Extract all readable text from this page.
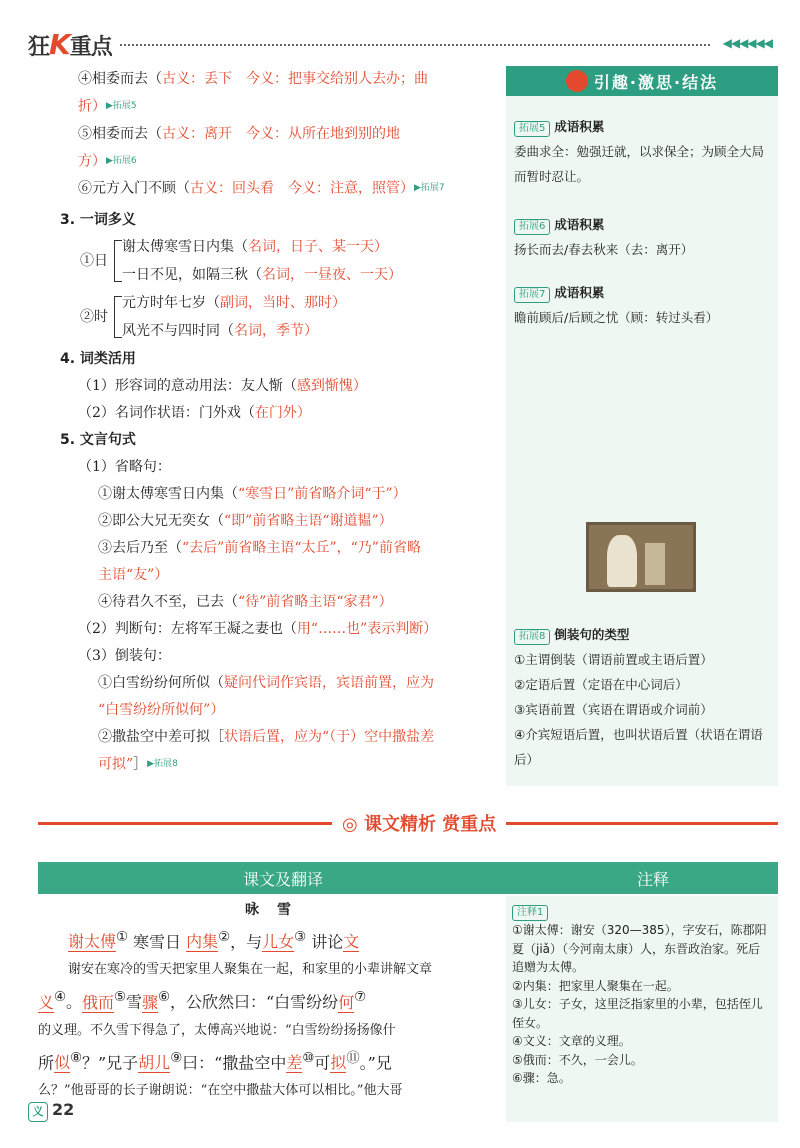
狂K重点	◀◀◀◀◀◀
引趣·激思·结法
拓展5 成语积累
委曲求全：勉强迁就，以求保全；为顾全大局而暂时忍让。
拓展6 成语积累
扬长而去/春去秋来（去：离开）
拓展7 成语积累
瞻前顾后/后顾之忧（顾：转过头看）
拓展8 倒装句的类型
①主谓倒装（谓语前置或主语后置）
②定语后置（定语在中心词后）
③宾语前置（宾语在谓语或介词前）
④介宾短语后置，也叫状语后置（状语在谓语后）
④相委而去（古义：丢下　今义：把事交给别人去办；曲
折）▶拓展5
⑤相委而去（古义：离开　今义：从所在地到别的地
方）▶拓展6
⑥元方入门不顾（古义：回头看　今义：注意，照管）▶拓展7
3. 一词多义
①日
谢太傅寒雪日内集（名词，日子、某一天）
一日不见，如隔三秋（名词，一昼夜、一天）
②时
元方时年七岁（副词，当时、那时）
风光不与四时同（名词，季节）
4. 词类活用
（1）形容词的意动用法：友人惭（感到惭愧）
（2）名词作状语：门外戏（在门外）
5. 文言句式
（1）省略句：
①谢太傅寒雪日内集（“寒雪日”前省略介词“于”）
②即公大兄无奕女（“即”前省略主语“谢道韫”）
③去后乃至（“去后”前省略主语“太丘”，“乃”前省略
主语“友”）
④待君久不至，已去（“待”前省略主语“家君”）
（2）判断句：左将军王凝之妻也（用“……也”表示判断）
（3）倒装句：
①白雪纷纷何所似（疑问代词作宾语，宾语前置，应为
“白雪纷纷所似何”）
②撒盐空中差可拟［状语后置，应为“（于）空中撒盐差
可拟”］▶拓展8
◎ 课文精析 赏重点
课文及翻译	注释
咏　雪
谢太傅① 寒雪日 内集②，与儿女③ 讲论文
谢安在寒冷的雪天把家里人聚集在一起，和家里的小辈讲解文章
义④。俄而⑤雪骤⑥，公欣然曰：“白雪纷纷何⑦
的义理。不久雪下得急了，太傅高兴地说：“白雪纷纷扬扬像什
所似⑧？”兄子胡儿⑨曰：“撒盐空中差⑩可拟⑪。”兄
么？”他哥哥的长子谢朗说：“在空中撒盐大体可以相比。”他大哥
注释1
①谢太傅：谢安（320—385），字安石，陈郡阳夏（jiǎ）（今河南太康）人，东晋政治家。死后追赠为太傅。
②内集：把家里人聚集在一起。
③儿女：子女，这里泛指家里的小辈，包括侄儿侄女。
④文义：文章的义理。
⑤俄而：不久，一会儿。
⑥骤：急。
义 22
